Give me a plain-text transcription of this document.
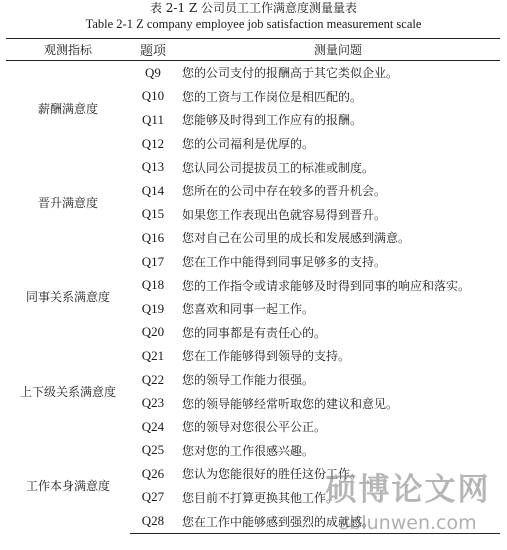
表 2-1 Z 公司员工工作满意度测量量表
Table 2-1 Z company employee job satisfaction measurement scale
观测指标	题项	测量问题
薪酬满意度	Q9	您的公司支付的报酬高于其它类似企业。
	Q10	您的工资与工作岗位是相匹配的。
	Q11	您能够及时得到工作应有的报酬。
	Q12	您的公司福利是优厚的。
晋升满意度	Q13	您认同公司提拔员工的标准或制度。
	Q14	您所在的公司中存在较多的晋升机会。
	Q15	如果您工作表现出色就容易得到晋升。
	Q16	您对自己在公司里的成长和发展感到满意。
同事关系满意度	Q17	您在工作中能得到同事足够多的支持。
	Q18	您的工作指令或请求能够及时得到同事的响应和落实。
	Q19	您喜欢和同事一起工作。
	Q20	您的同事都是有责任心的。
上下级关系满意度	Q21	您在工作能够得到领导的支持。
	Q22	您的领导工作能力很强。
	Q23	您的领导能够经常听取您的建议和意见。
	Q24	您的领导对您很公平公正。
工作本身满意度	Q25	您对您的工作很感兴趣。
	Q26	您认为您能很好的胜任这份工作。
	Q27	您目前不打算更换其他工作。
	Q28	您在工作中能够感到强烈的成就感。
硕博论文网
sblunwen.com
